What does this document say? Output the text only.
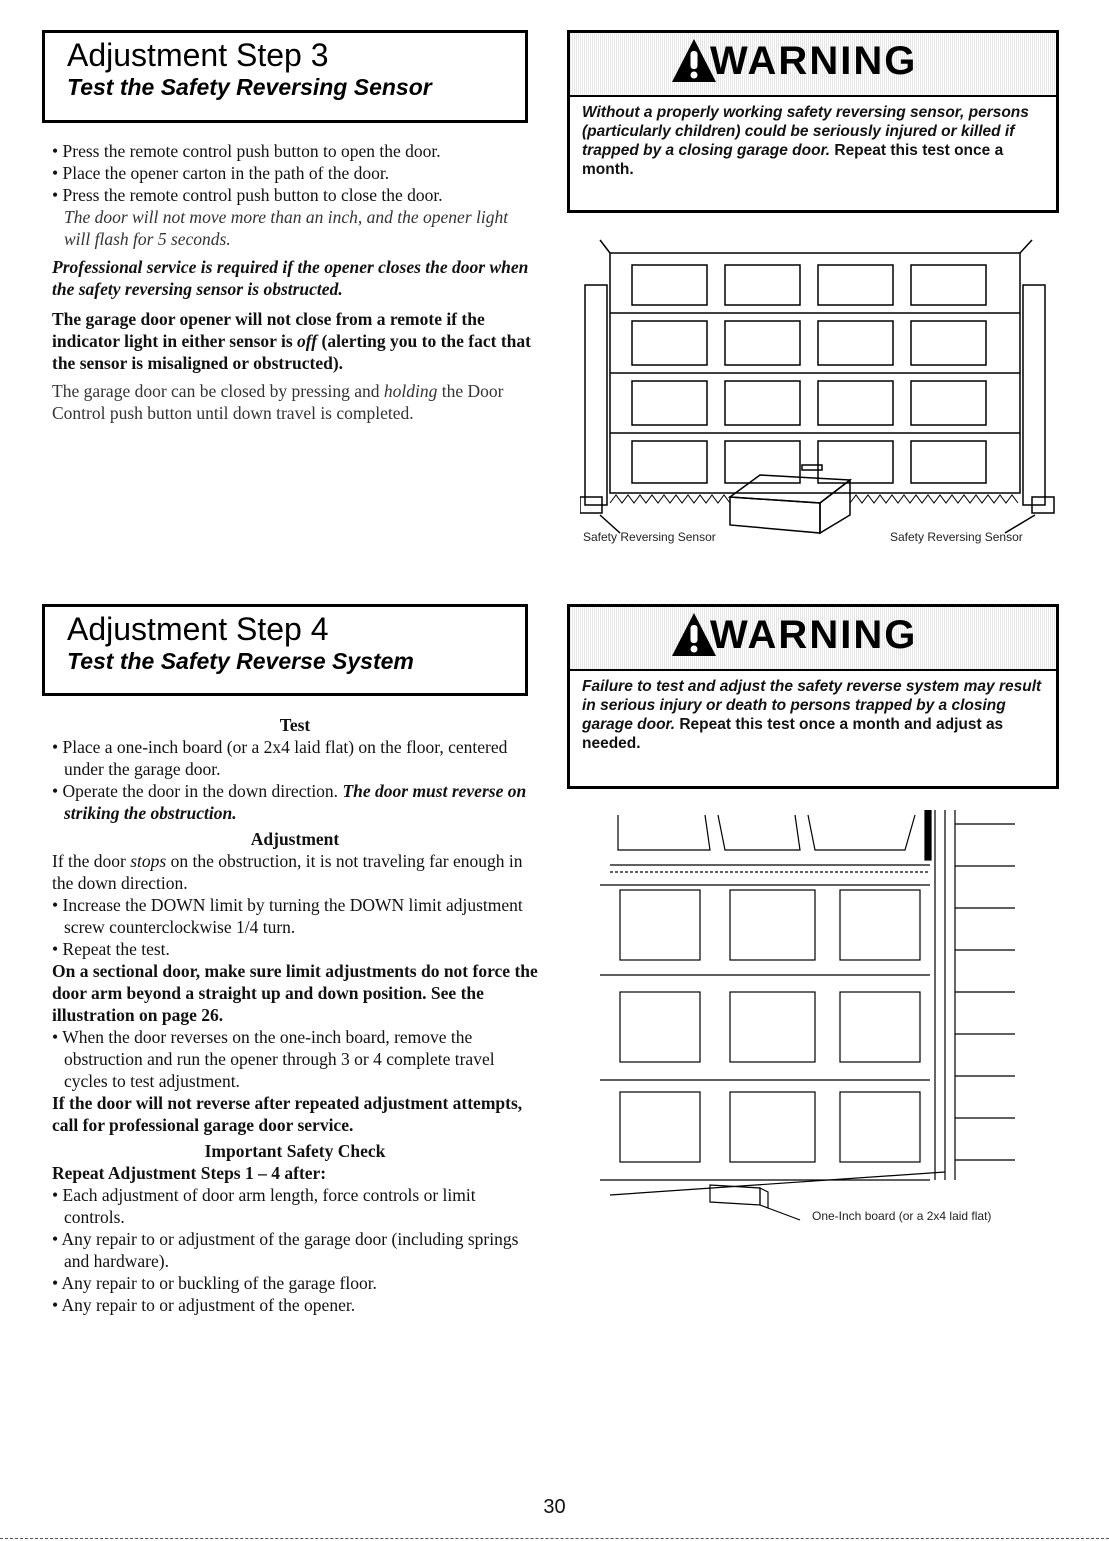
Adjustment Step 3
Test the Safety Reversing Sensor

• Press the remote control push button to open the door.

• Place the opener carton in the path of the door.

• Press the remote control push button to close the door.

The door will not move more than an inch, and the opener light will flash for 5 seconds.

Professional service is required if the opener closes the door when the safety reversing sensor is obstructed.

The garage door opener will not close from a remote if the indicator light in either sensor is off (alerting you to the fact that the sensor is misaligned or obstructed).

The garage door can be closed by pressing and holding the Door Control push button until down travel is completed.

WARNING
Without a properly working safety reversing sensor, persons (particularly children) could be seriously injured or killed if trapped by a closing garage door. Repeat this test once a month.
Safety Reversing Sensor	Safety Reversing Sensor
Adjustment Step 4
Test the Safety Reverse System

Test

• Place a one-inch board (or a 2x4 laid flat) on the floor, centered under the garage door.

• Operate the door in the down direction. The door must reverse on striking the obstruction.

Adjustment

If the door stops on the obstruction, it is not traveling far enough in the down direction.

• Increase the DOWN limit by turning the DOWN limit adjustment screw counterclockwise 1/4 turn.

• Repeat the test.

On a sectional door, make sure limit adjustments do not force the door arm beyond a straight up and down position. See the illustration on page 26.

• When the door reverses on the one-inch board, remove the obstruction and run the opener through 3 or 4 complete travel cycles to test adjustment.

If the door will not reverse after repeated adjustment attempts, call for professional garage door service.

Important Safety Check

Repeat Adjustment Steps 1 – 4 after:

• Each adjustment of door arm length, force controls or limit controls.

• Any repair to or adjustment of the garage door (including springs and hardware).

• Any repair to or buckling of the garage floor.

• Any repair to or adjustment of the opener.

WARNING
Failure to test and adjust the safety reverse system may result in serious injury or death to persons trapped by a closing garage door. Repeat this test once a month and adjust as needed.
One-Inch board (or a 2x4 laid flat)
30
